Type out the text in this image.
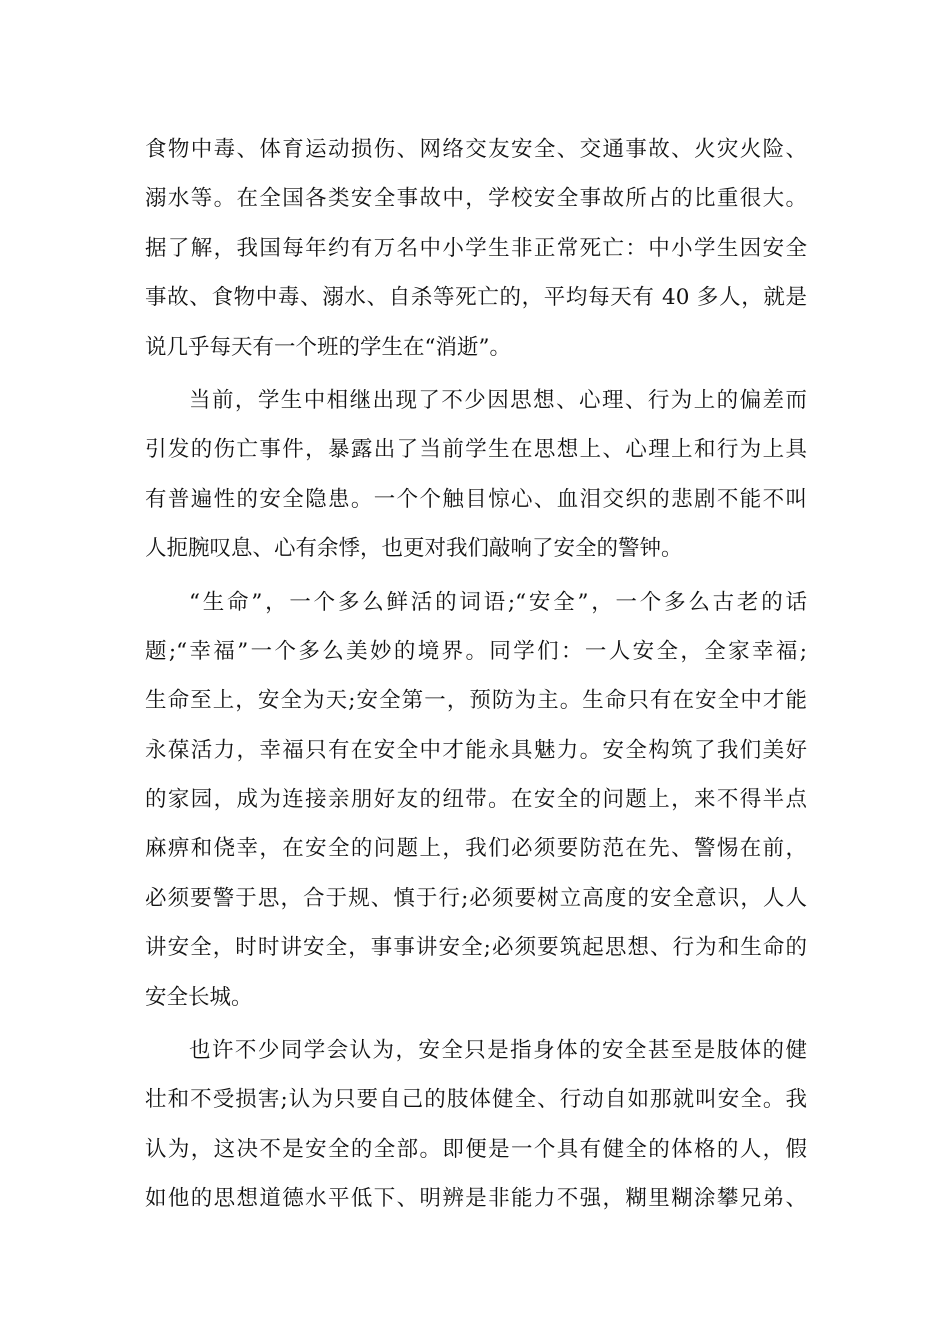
食物中毒、体育运动损伤、网络交友安全、交通事故、火灾火险、
溺水等。在全国各类安全事故中，学校安全事故所占的比重很大。
据了解，我国每年约有万名中小学生非正常死亡：中小学生因安全
事故、食物中毒、溺水、自杀等死亡的，平均每天有 40 多人，就是
说几乎每天有一个班的学生在“消逝”。
当前，学生中相继出现了不少因思想、心理、行为上的偏差而
引发的伤亡事件，暴露出了当前学生在思想上、心理上和行为上具
有普遍性的安全隐患。一个个触目惊心、血泪交织的悲剧不能不叫
人扼腕叹息、心有余悸，也更对我们敲响了安全的警钟。
“生命”，一个多么鲜活的词语;“安全”，一个多么古老的话
题;“幸福”一个多么美妙的境界。同学们：一人安全，全家幸福;
生命至上，安全为天;安全第一，预防为主。生命只有在安全中才能
永葆活力，幸福只有在安全中才能永具魅力。安全构筑了我们美好
的家园，成为连接亲朋好友的纽带。在安全的问题上，来不得半点
麻痹和侥幸，在安全的问题上，我们必须要防范在先、警惕在前，
必须要警于思，合于规、慎于行;必须要树立高度的安全意识，人人
讲安全，时时讲安全，事事讲安全;必须要筑起思想、行为和生命的
安全长城。
也许不少同学会认为，安全只是指身体的安全甚至是肢体的健
壮和不受损害;认为只要自己的肢体健全、行动自如那就叫安全。我
认为，这决不是安全的全部。即便是一个具有健全的体格的人，假
如他的思想道德水平低下、明辨是非能力不强，糊里糊涂攀兄弟、
